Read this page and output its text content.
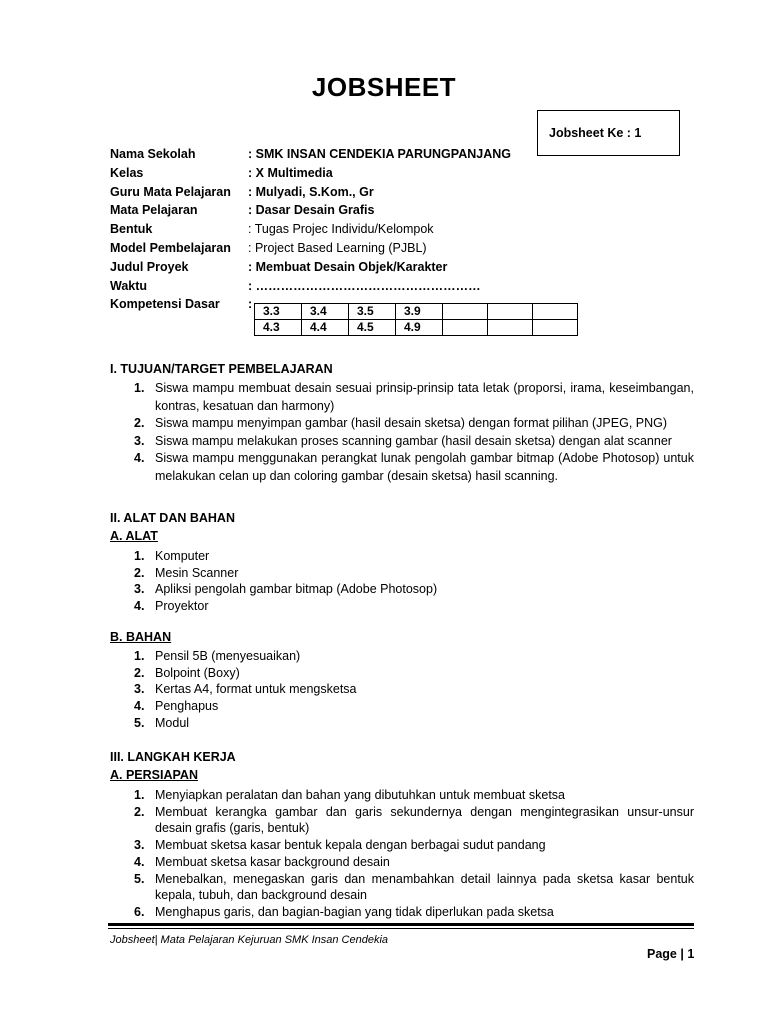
JOBSHEET
Jobsheet Ke : 1
Nama Sekolah	: SMK INSAN CENDEKIA PARUNGPANJANG
Kelas	: X Multimedia
Guru Mata Pelajaran : Mulyadi, S.Kom., Gr
Mata Pelajaran	: Dasar Desain Grafis
Bentuk	: Tugas Projec Individu/Kelompok
Model Pembelajaran : Project Based Learning (PJBL)
Judul Proyek	: Membuat Desain Objek/Karakter
Waktu	: ………………………………………………
Kompetensi Dasar : 3.3	3.4	3.5	3.9			
4.3	4.4	4.5	4.9			
I. TUJUAN/TARGET PEMBELAJARAN
1. Siswa mampu membuat desain sesuai prinsip-prinsip tata letak (proporsi, irama, keseimbangan, kontras, kesatuan dan harmony)
2. Siswa mampu menyimpan gambar (hasil desain sketsa) dengan format pilihan (JPEG, PNG)
3. Siswa mampu melakukan proses scanning gambar (hasil desain sketsa) dengan alat scanner
4. Siswa mampu menggunakan perangkat lunak pengolah gambar bitmap (Adobe Photosop) untuk melakukan celan up dan coloring gambar (desain sketsa) hasil scanning.
II. ALAT DAN BAHAN
A. ALAT
1. Komputer
2. Mesin Scanner
3. Apliksi pengolah gambar bitmap (Adobe Photosop)
4. Proyektor
B. BAHAN
1. Pensil 5B (menyesuaikan)
2. Bolpoint (Boxy)
3. Kertas A4, format untuk mengsketsa
4. Penghapus
5. Modul
III. LANGKAH KERJA
A. PERSIAPAN
1. Menyiapkan peralatan dan bahan yang dibutuhkan untuk membuat sketsa
2. Membuat kerangka gambar dan garis sekundernya dengan mengintegrasikan unsur-unsur desain grafis (garis, bentuk)
3. Membuat sketsa kasar bentuk kepala dengan berbagai sudut pandang
4. Membuat sketsa kasar background desain
5. Menebalkan, menegaskan garis dan menambahkan detail lainnya pada sketsa kasar bentuk kepala, tubuh, dan background desain
6. Menghapus garis, dan bagian-bagian yang tidak diperlukan pada sketsa
Jobsheet| Mata Pelajaran Kejuruan SMK Insan Cendekia
Page | 1
